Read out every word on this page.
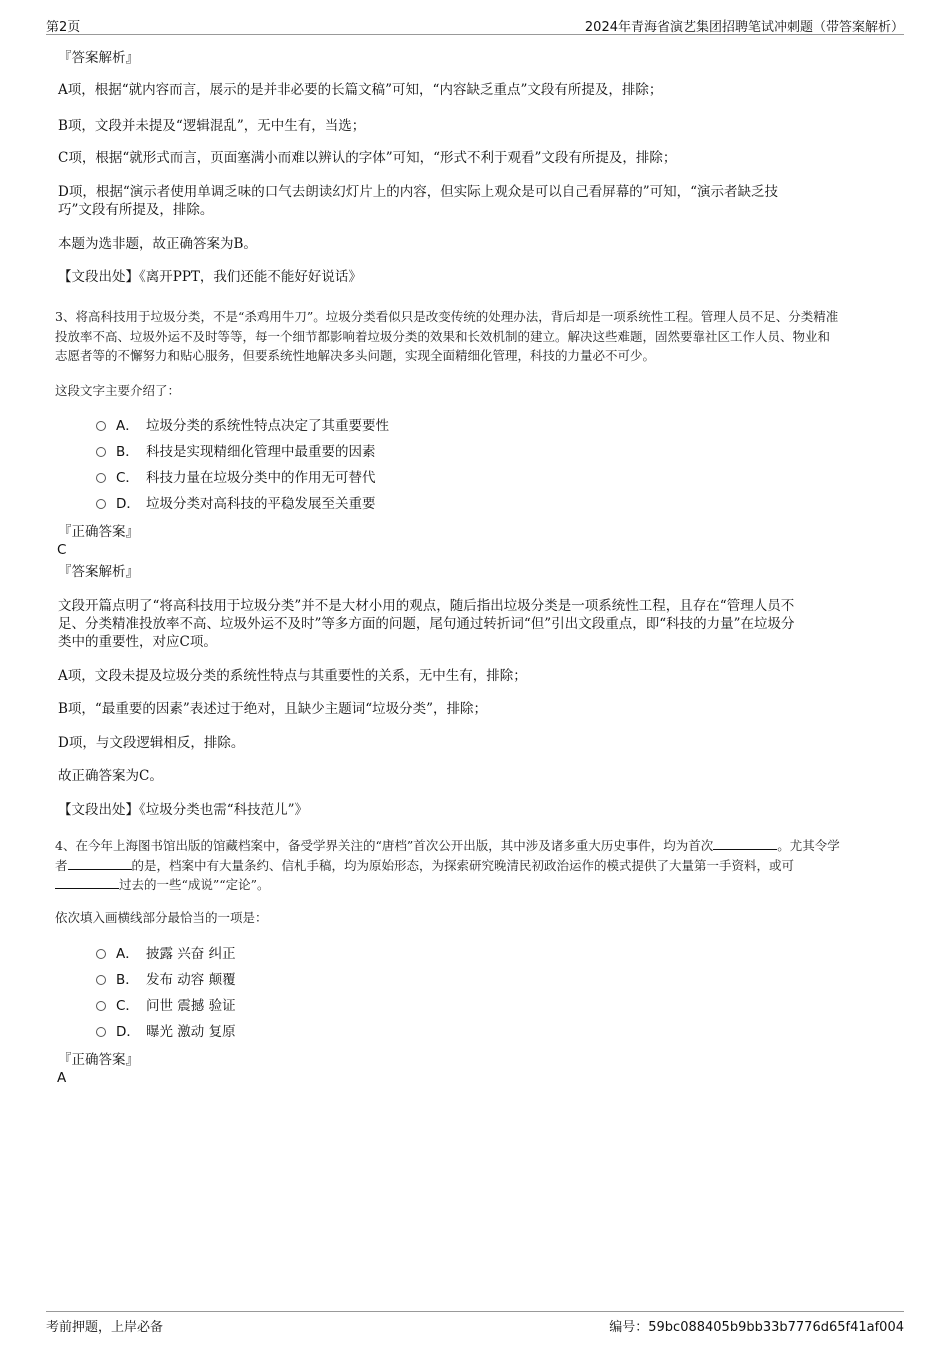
第2页	2024年青海省演艺集团招聘笔试冲刺题（带答案解析）
『答案解析』
A项，根据“就内容而言，展示的是并非必要的长篇文稿”可知，“内容缺乏重点”文段有所提及，排除；
B项，文段并未提及“逻辑混乱”，无中生有，当选；
C项，根据“就形式而言，页面塞满小而难以辨认的字体”可知，“形式不利于观看”文段有所提及，排除；
D项，根据“演示者使用单调乏味的口气去朗读幻灯片上的内容，但实际上观众是可以自己看屏幕的”可知，“演示者缺乏技
巧”文段有所提及，排除。
本题为选非题，故正确答案为B。
【文段出处】《离开PPT，我们还能不能好好说话》
3、将高科技用于垃圾分类，不是“杀鸡用牛刀”。垃圾分类看似只是改变传统的处理办法，背后却是一项系统性工程。管理人员不足、分类精准
投放率不高、垃圾外运不及时等等，每一个细节都影响着垃圾分类的效果和长效机制的建立。解决这些难题，固然要靠社区工作人员、物业和
志愿者等的不懈努力和贴心服务，但要系统性地解决多头问题，实现全面精细化管理，科技的力量必不可少。
这段文字主要介绍了：
A． 垃圾分类的系统性特点决定了其重要要性
B． 科技是实现精细化管理中最重要的因素
C． 科技力量在垃圾分类中的作用无可替代
D． 垃圾分类对高科技的平稳发展至关重要
『正确答案』
C
『答案解析』
文段开篇点明了“将高科技用于垃圾分类”并不是大材小用的观点，随后指出垃圾分类是一项系统性工程，且存在“管理人员不
足、分类精准投放率不高、垃圾外运不及时”等多方面的问题，尾句通过转折词“但”引出文段重点，即“科技的力量”在垃圾分
类中的重要性，对应C项。
A项，文段未提及垃圾分类的系统性特点与其重要性的关系，无中生有，排除；
B项，“最重要的因素”表述过于绝对，且缺少主题词“垃圾分类”，排除；
D项，与文段逻辑相反，排除。
故正确答案为C。
【文段出处】《垃圾分类也需“科技范儿”》
4、在今年上海图书馆出版的馆藏档案中，备受学界关注的“唐档”首次公开出版，其中涉及诸多重大历史事件，均为首次	。尤其令学
者	的是，档案中有大量条约、信札手稿，均为原始形态，为探索研究晚清民初政治运作的模式提供了大量第一手资料，或可
过去的一些“成说”“定论”。
依次填入画横线部分最恰当的一项是：
A． 披露 兴奋 纠正
B． 发布 动容 颠覆
C． 问世 震撼 验证
D． 曝光 激动 复原
『正确答案』
A
考前押题，上岸必备	编号：59bc088405b9bb33b7776d65f41af004
